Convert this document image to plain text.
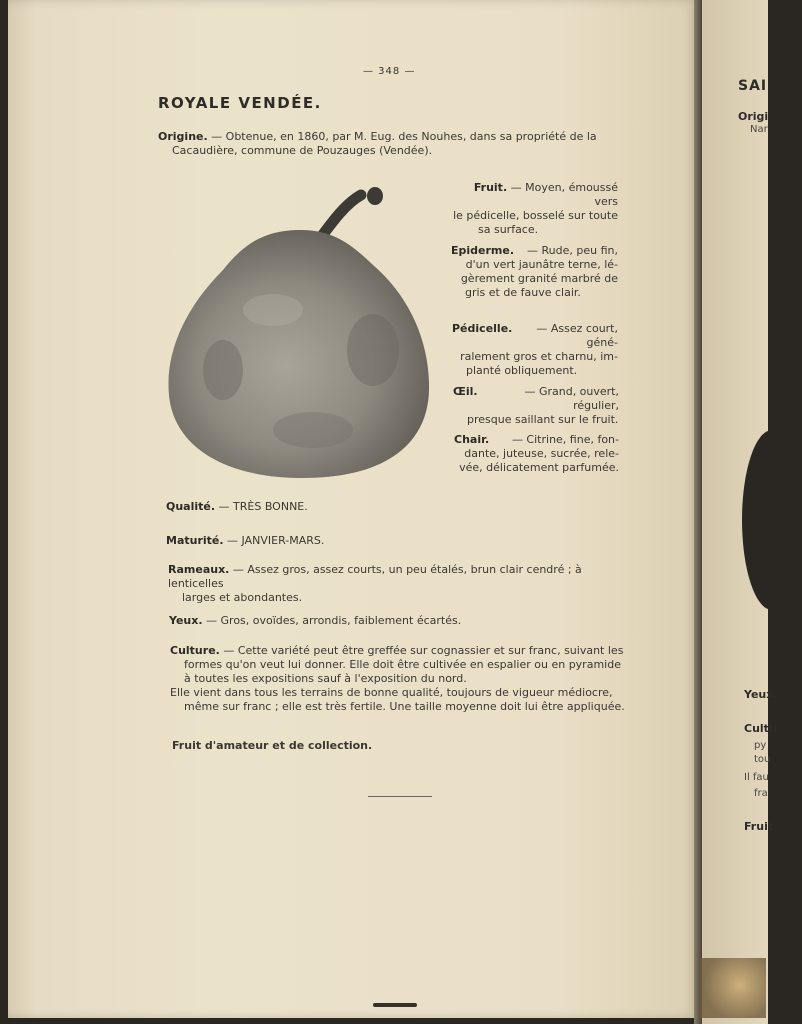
— 348 —
ROYALE VENDÉE.
Origine. — Obtenue, en 1860, par M. Eug. des Nouhes, dans sa propriété de la
Cacaudière, commune de Pouzauges (Vendée).
Fruit. — Moyen, émoussé vers
le pédicelle, bosselé sur toute
sa surface.
Epiderme. — Rude, peu fin,
d'un vert jaunâtre terne, lé-
gèrement granité marbré de
gris et de fauve clair.
Pédicelle. — Assez court, géné-
ralement gros et charnu, im-
planté obliquement.
Œil.	— Grand, ouvert, régulier,
presque saillant sur le fruit.
Chair. — Citrine, fine, fon-
dante, juteuse, sucrée, rele-
vée, délicatement parfumée.
Qualité. — TRÈS BONNE.
Maturité. — JANVIER-MARS.
Rameaux. — Assez gros, assez courts, un peu étalés, brun clair cendré ; à lenticelles
larges et abondantes.
Yeux. — Gros, ovoïdes, arrondis, faiblement écartés.
Culture. — Cette variété peut être greffée sur cognassier et sur franc, suivant les
formes qu'on veut lui donner. Elle doit être cultivée en espalier ou en pyramide
à toutes les expositions sauf à l'exposition du nord.
Elle vient dans tous les terrains de bonne qualité, toujours de vigueur médiocre,
même sur franc ; elle est très fertile. Une taille moyenne doit lui être appliquée.
Fruit d'amateur et de collection.
SAI
Origi
Nar
Yeux.
Cultu
py
tou
Il fau
fra
Fruit
